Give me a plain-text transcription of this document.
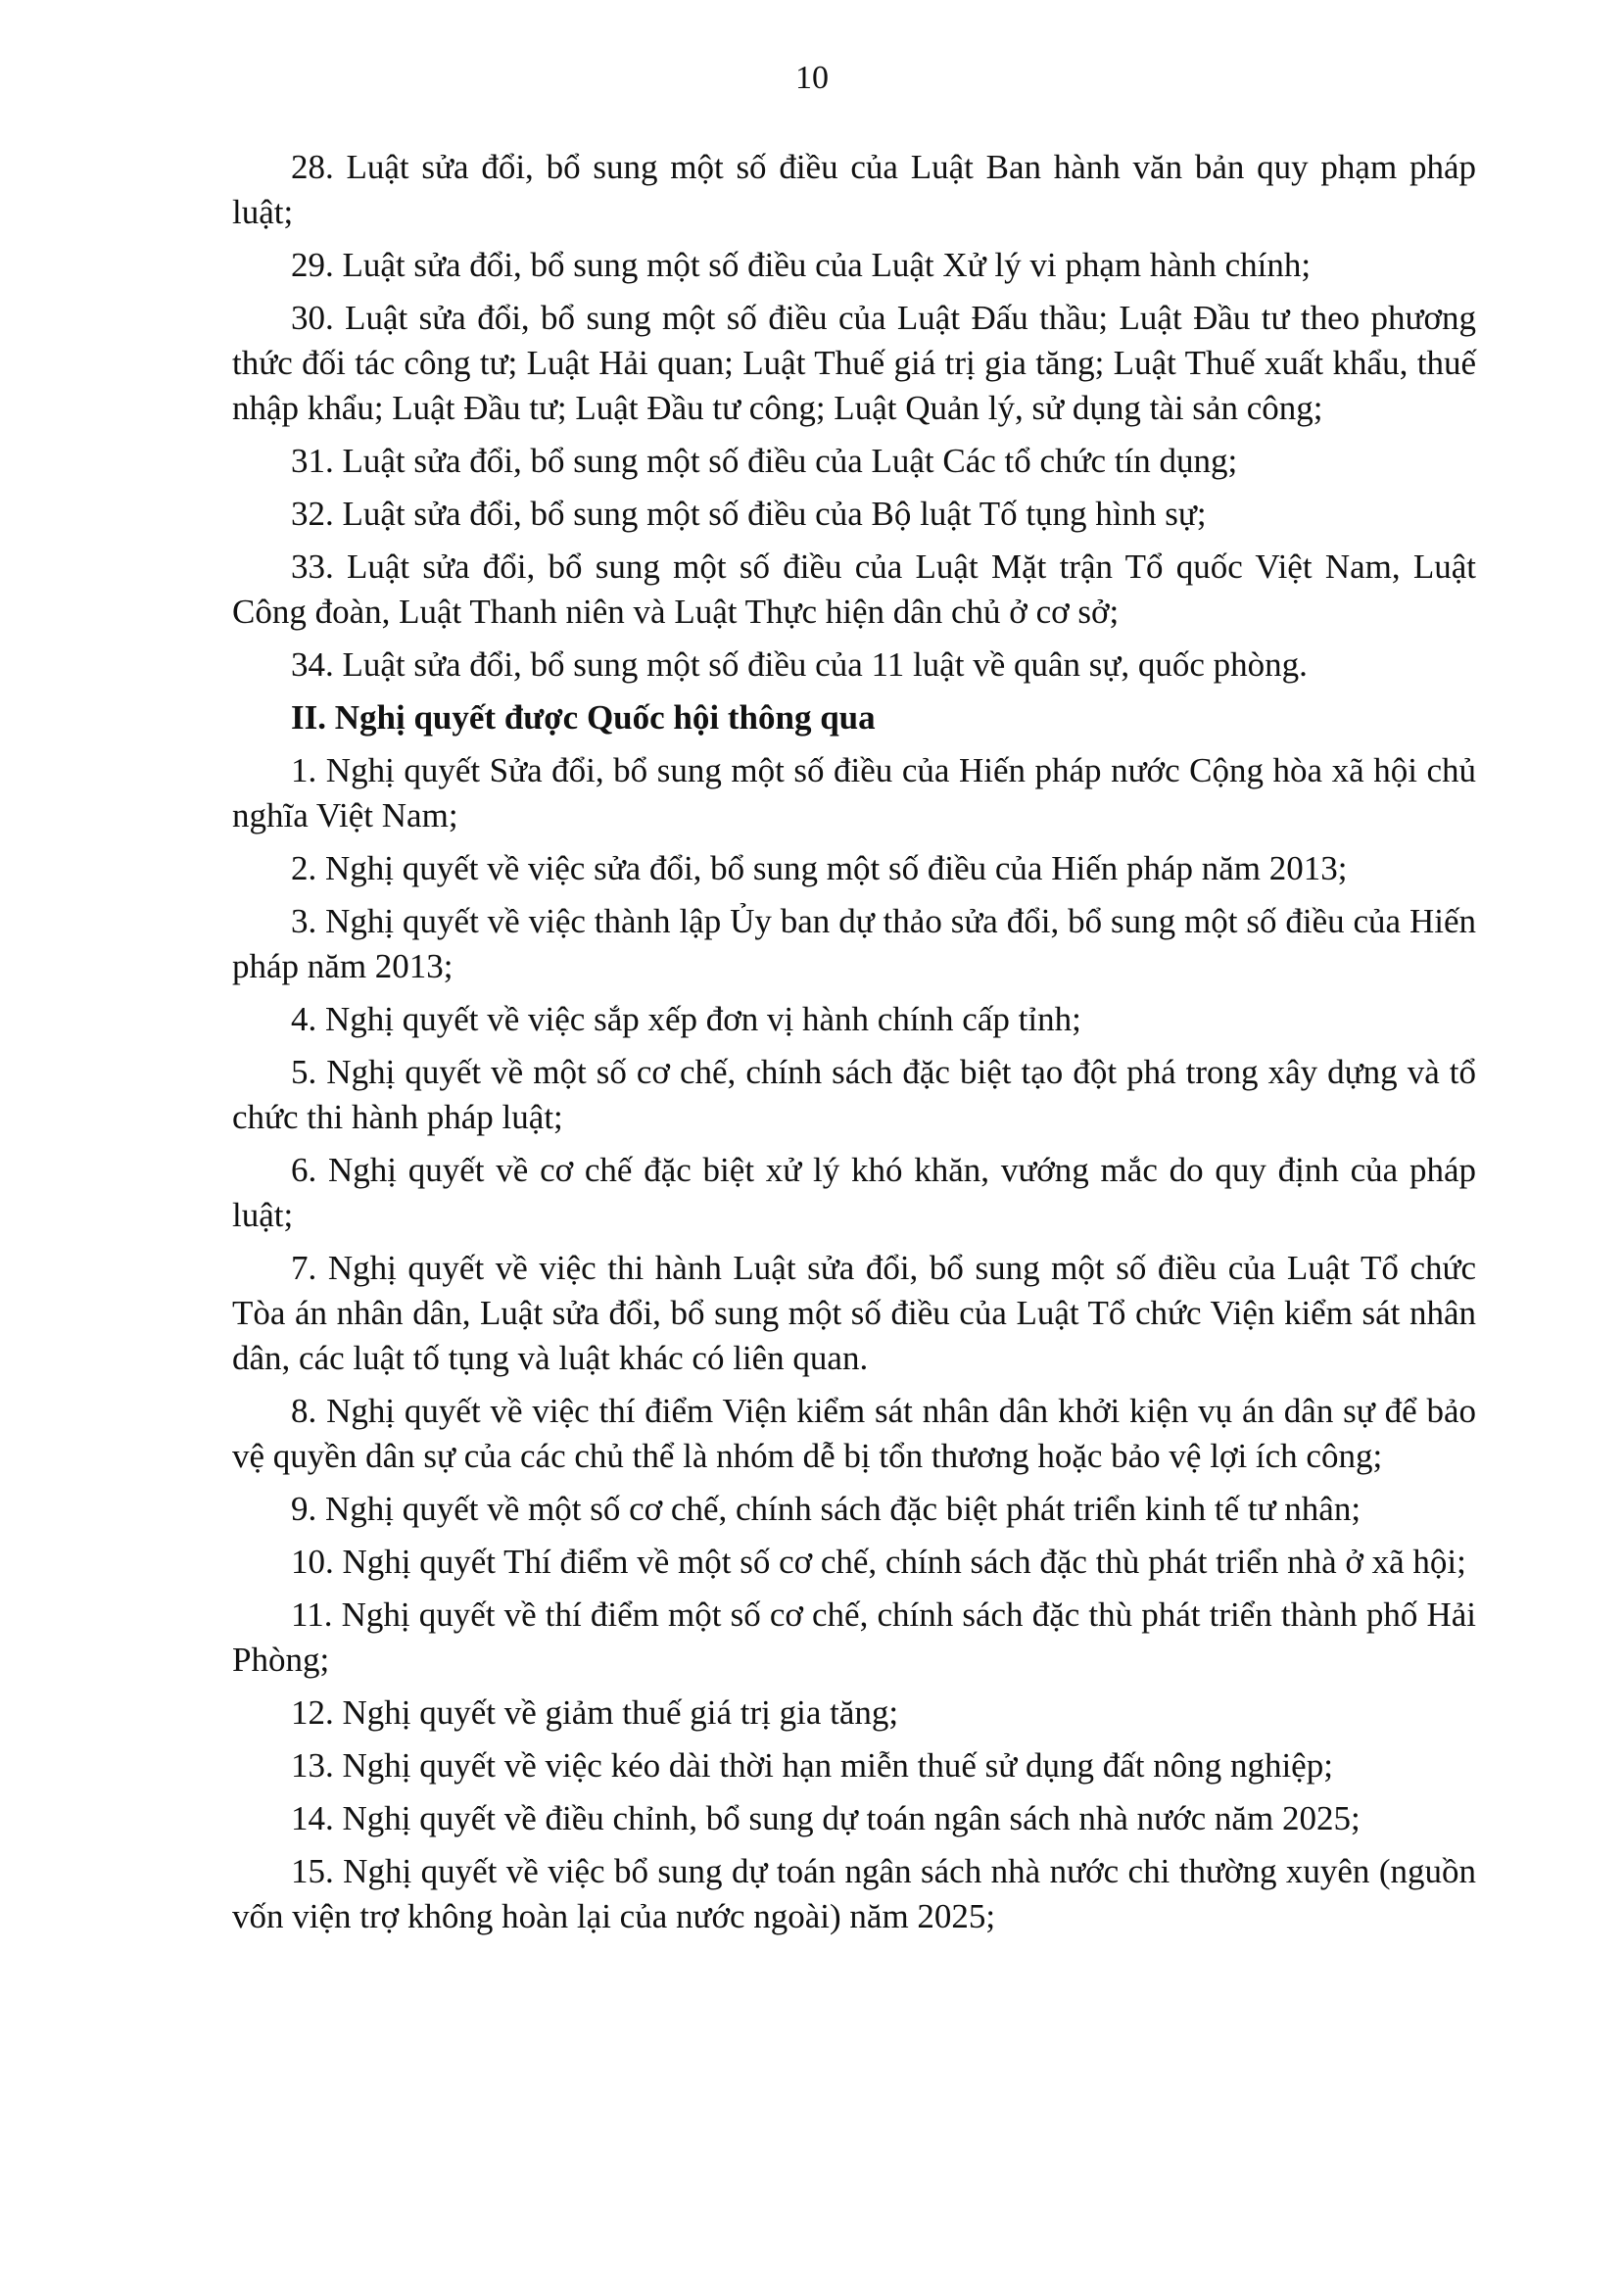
10

28. Luật sửa đổi, bổ sung một số điều của Luật Ban hành văn bản quy phạm pháp luật;

29. Luật sửa đổi, bổ sung một số điều của Luật Xử lý vi phạm hành chính;

30. Luật sửa đổi, bổ sung một số điều của Luật Đấu thầu; Luật Đầu tư theo phương thức đối tác công tư; Luật Hải quan; Luật Thuế giá trị gia tăng; Luật Thuế xuất khẩu, thuế nhập khẩu; Luật Đầu tư; Luật Đầu tư công; Luật Quản lý, sử dụng tài sản công;

31. Luật sửa đổi, bổ sung một số điều của Luật Các tổ chức tín dụng;

32. Luật sửa đổi, bổ sung một số điều của Bộ luật Tố tụng hình sự;

33. Luật sửa đổi, bổ sung một số điều của Luật Mặt trận Tổ quốc Việt Nam, Luật Công đoàn, Luật Thanh niên và Luật Thực hiện dân chủ ở cơ sở;

34. Luật sửa đổi, bổ sung một số điều của 11 luật về quân sự, quốc phòng.

II. Nghị quyết được Quốc hội thông qua

1. Nghị quyết Sửa đổi, bổ sung một số điều của Hiến pháp nước Cộng hòa xã hội chủ nghĩa Việt Nam;

2. Nghị quyết về việc sửa đổi, bổ sung một số điều của Hiến pháp năm 2013;

3. Nghị quyết về việc thành lập Ủy ban dự thảo sửa đổi, bổ sung một số điều của Hiến pháp năm 2013;

4. Nghị quyết về việc sắp xếp đơn vị hành chính cấp tỉnh;

5. Nghị quyết về một số cơ chế, chính sách đặc biệt tạo đột phá trong xây dựng và tổ chức thi hành pháp luật;

6. Nghị quyết về cơ chế đặc biệt xử lý khó khăn, vướng mắc do quy định của pháp luật;

7. Nghị quyết về việc thi hành Luật sửa đổi, bổ sung một số điều của Luật Tổ chức Tòa án nhân dân, Luật sửa đổi, bổ sung một số điều của Luật Tổ chức Viện kiểm sát nhân dân, các luật tố tụng và luật khác có liên quan.

8. Nghị quyết về việc thí điểm Viện kiểm sát nhân dân khởi kiện vụ án dân sự để bảo vệ quyền dân sự của các chủ thể là nhóm dễ bị tổn thương hoặc bảo vệ lợi ích công;

9. Nghị quyết về một số cơ chế, chính sách đặc biệt phát triển kinh tế tư nhân;

10. Nghị quyết Thí điểm về một số cơ chế, chính sách đặc thù phát triển nhà ở xã hội;

11. Nghị quyết về thí điểm một số cơ chế, chính sách đặc thù phát triển thành phố Hải Phòng;

12. Nghị quyết về giảm thuế giá trị gia tăng;

13. Nghị quyết về việc kéo dài thời hạn miễn thuế sử dụng đất nông nghiệp;

14. Nghị quyết về điều chỉnh, bổ sung dự toán ngân sách nhà nước năm 2025;

15. Nghị quyết về việc bổ sung dự toán ngân sách nhà nước chi thường xuyên (nguồn vốn viện trợ không hoàn lại của nước ngoài) năm 2025;
